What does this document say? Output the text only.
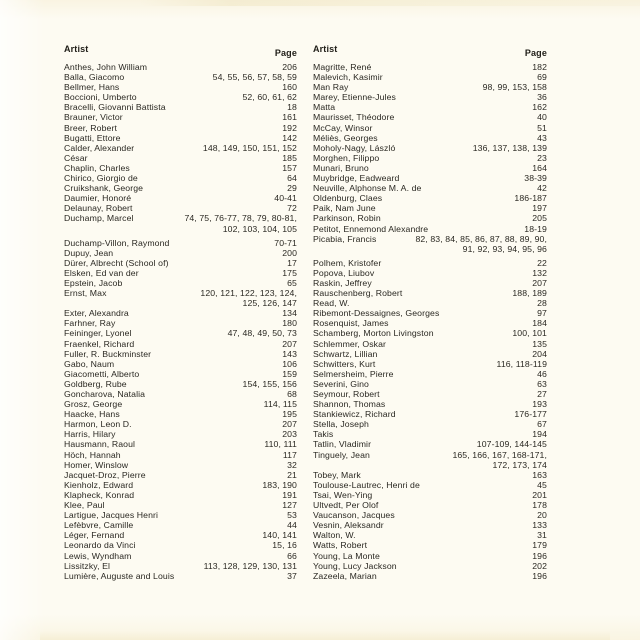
Artist	Page
Anthes, John William	206
Balla, Giacomo	54, 55, 56, 57, 58, 59
Bellmer, Hans	160
Boccioni, Umberto	52, 60, 61, 62
Bracelli, Giovanni Battista	18
Brauner, Victor	161
Breer, Robert	192
Bugatti, Ettore	142
Calder, Alexander	148, 149, 150, 151, 152
César	185
Chaplin, Charles	157
Chirico, Giorgio de	64
Cruikshank, George	29
Daumier, Honoré	40-41
Delaunay, Robert	72
Duchamp, Marcel	74, 75, 76-77, 78, 79, 80-81,
102, 103, 104, 105
Duchamp-Villon, Raymond	70-71
Dupuy, Jean	200
Dürer, Albrecht (School of)	17
Elsken, Ed van der	175
Epstein, Jacob	65
Ernst, Max	120, 121, 122, 123, 124,
125, 126, 147
Exter, Alexandra	134
Farhner, Ray	180
Feininger, Lyonel	47, 48, 49, 50, 73
Fraenkel, Richard	207
Fuller, R. Buckminster	143
Gabo, Naum	106
Giacometti, Alberto	159
Goldberg, Rube	154, 155, 156
Goncharova, Natalia	68
Grosz, George	114, 115
Haacke, Hans	195
Harmon, Leon D.	207
Harris, Hilary	203
Hausmann, Raoul	110, 111
Höch, Hannah	117
Homer, Winslow	32
Jacquet-Droz, Pierre	21
Kienholz, Edward	183, 190
Klapheck, Konrad	191
Klee, Paul	127
Lartigue, Jacques Henri	53
Lefèbvre, Camille	44
Léger, Fernand	140, 141
Leonardo da Vinci	15, 16
Lewis, Wyndham	66
Lissitzky, El	113, 128, 129, 130, 131
Lumière, Auguste and Louis	37
Artist	Page
Magritte, René	182
Malevich, Kasimir	69
Man Ray	98, 99, 153, 158
Marey, Etienne-Jules	36
Matta	162
Maurisset, Théodore	40
McCay, Winsor	51
Méliès, Georges	43
Moholy-Nagy, László	136, 137, 138, 139
Morghen, Filippo	23
Munari, Bruno	164
Muybridge, Eadweard	38-39
Neuville, Alphonse M. A. de	42
Oldenburg, Claes	186-187
Paik, Nam June	197
Parkinson, Robin	205
Petitot, Ennemond Alexandre	18-19
Picabia, Francis	82, 83, 84, 85, 86, 87, 88, 89, 90,
91, 92, 93, 94, 95, 96
Polhem, Kristofer	22
Popova, Liubov	132
Raskin, Jeffrey	207
Rauschenberg, Robert	188, 189
Read, W.	28
Ribemont-Dessaignes, Georges	97
Rosenquist, James	184
Schamberg, Morton Livingston	100, 101
Schlemmer, Oskar	135
Schwartz, Lillian	204
Schwitters, Kurt	116, 118-119
Selmersheim, Pierre	46
Severini, Gino	63
Seymour, Robert	27
Shannon, Thomas	193
Stankiewicz, Richard	176-177
Stella, Joseph	67
Takis	194
Tatlin, Vladimir	107-109, 144-145
Tinguely, Jean	165, 166, 167, 168-171,
172, 173, 174
Tobey, Mark	163
Toulouse-Lautrec, Henri de	45
Tsai, Wen-Ying	201
Ultvedt, Per Olof	178
Vaucanson, Jacques	20
Vesnin, Aleksandr	133
Walton, W.	31
Watts, Robert	179
Young, La Monte	196
Young, Lucy Jackson	202
Zazeela, Marian	196
